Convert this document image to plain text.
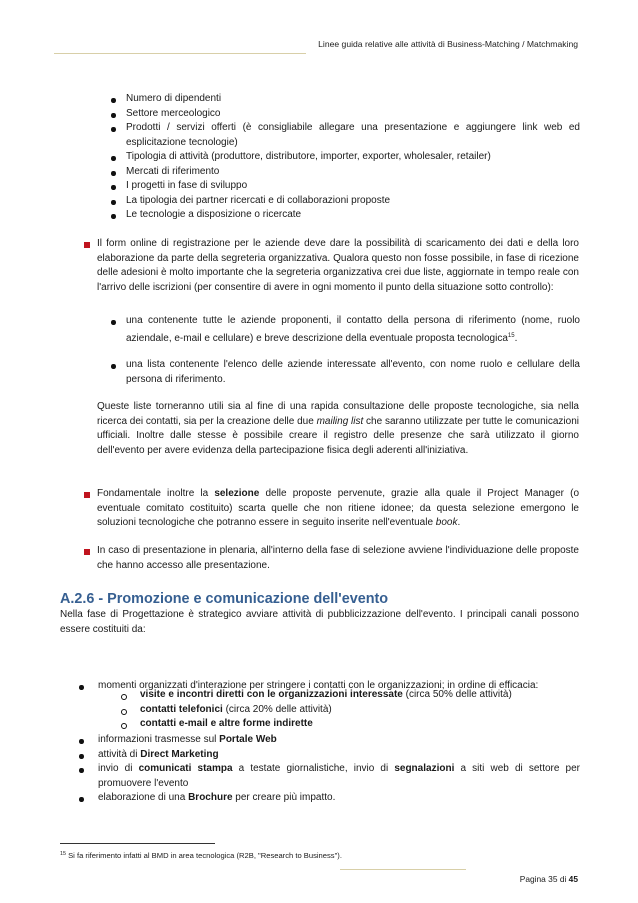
Linee guida relative alle attività di Business-Matching / Matchmaking
Numero di dipendenti
Settore merceologico
Prodotti / servizi offerti (è consigliabile allegare una presentazione e aggiungere link web ed esplicitazione tecnologie)
Tipologia di attività (produttore, distributore, importer, exporter, wholesaler, retailer)
Mercati di riferimento
I progetti in fase di sviluppo
La tipologia dei partner ricercati e di collaborazioni proposte
Le tecnologie a disposizione o ricercate
Il form online di registrazione per le aziende deve dare la possibilità di scaricamento dei dati e della loro elaborazione da parte della segreteria organizzativa. Qualora questo non fosse possibile, in fase di ricezione delle adesioni è molto importante che la segreteria organizzativa crei due liste, aggiornate in tempo reale con l'arrivo delle iscrizioni (per consentire di avere in ogni momento il punto della situazione sotto controllo):
una contenente tutte le aziende proponenti, il contatto della persona di riferimento (nome, ruolo aziendale, e-mail e cellulare) e breve descrizione della eventuale proposta tecnologica$^{15}$.
una lista contenente l'elenco delle aziende interessate all'evento, con nome ruolo e cellulare della persona di riferimento.
Queste liste torneranno utili sia al fine di una rapida consultazione delle proposte tecnologiche, sia nella ricerca dei contatti, sia per la creazione delle due mailing list che saranno utilizzate per tutte le comunicazioni ufficiali. Inoltre dalle stesse è possibile creare il registro delle presenze che sarà utilizzato il giorno dell'evento per avere evidenza della partecipazione fisica degli aderenti all'iniziativa.
Fondamentale inoltre la selezione delle proposte pervenute, grazie alla quale il Project Manager (o eventuale comitato costituito) scarta quelle che non ritiene idonee; da questa selezione emergono le soluzioni tecnologiche che potranno essere in seguito inserite nell'eventuale book.
In caso di presentazione in plenaria, all'interno della fase di selezione avviene l'individuazione delle proposte che hanno accesso alle presentazione.
A.2.6 - Promozione e comunicazione dell'evento
Nella fase di Progettazione è strategico avviare attività di pubblicizzazione dell'evento. I principali canali possono essere costituiti da:
momenti organizzati d'interazione per stringere i contatti con le organizzazioni; in ordine di efficacia:
visite e incontri diretti con le organizzazioni interessate (circa 50% delle attività)
contatti telefonici (circa 20% delle attività)
contatti e-mail e altre forme indirette
informazioni trasmesse sul Portale Web
attività di Direct Marketing
invio di comunicati stampa a testate giornalistiche, invio di segnalazioni a siti web di settore per promuovere l'evento
elaborazione di una Brochure per creare più impatto.
$^{15}$ Si fa riferimento infatti al BMD in area tecnologica (R2B, "Research to Business").
Pagina 35 di 45
